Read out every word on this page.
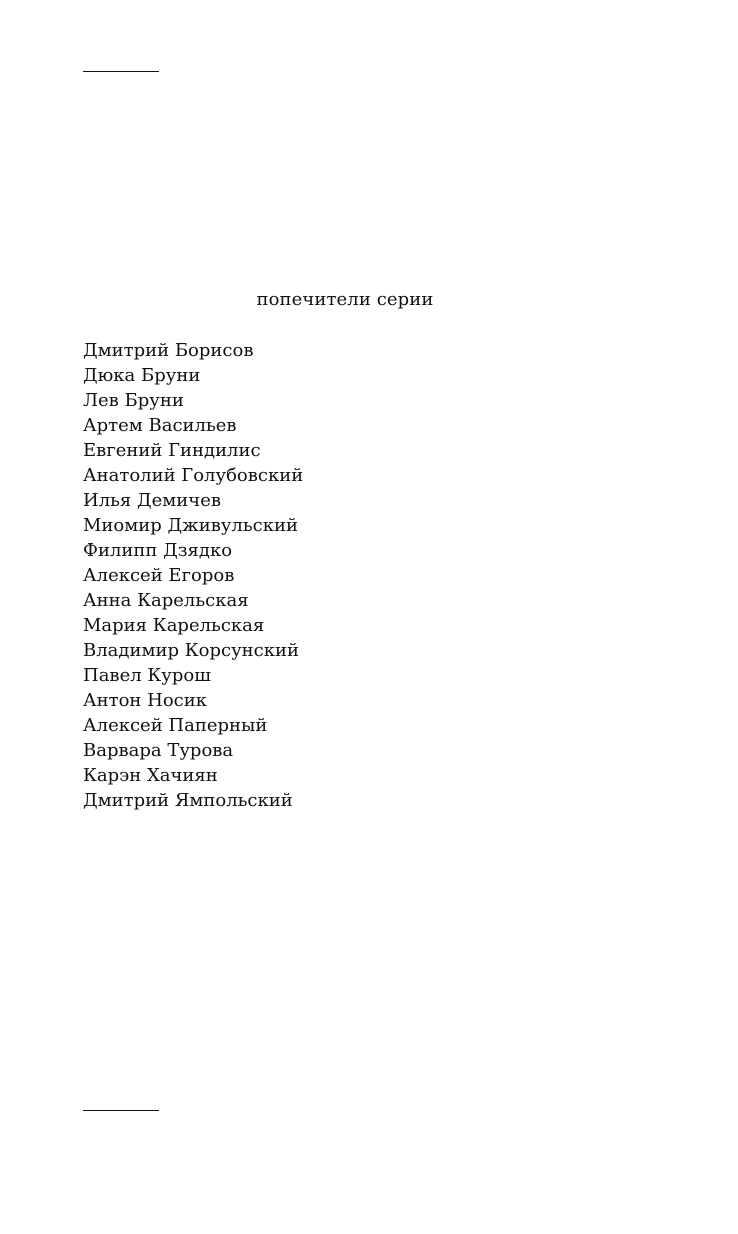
попечители серии
Дмитрий Борисов
Дюка Бруни
Лев Бруни
Артем Васильев
Евгений Гиндилис
Анатолий Голубовский
Илья Демичев
Миомир Дживульский
Филипп Дзядко
Алексей Егоров
Анна Карельская
Мария Карельская
Владимир Корсунский
Павел Курош
Антон Носик
Алексей Паперный
Варвара Турова
Карэн Хачиян
Дмитрий Ямпольский
